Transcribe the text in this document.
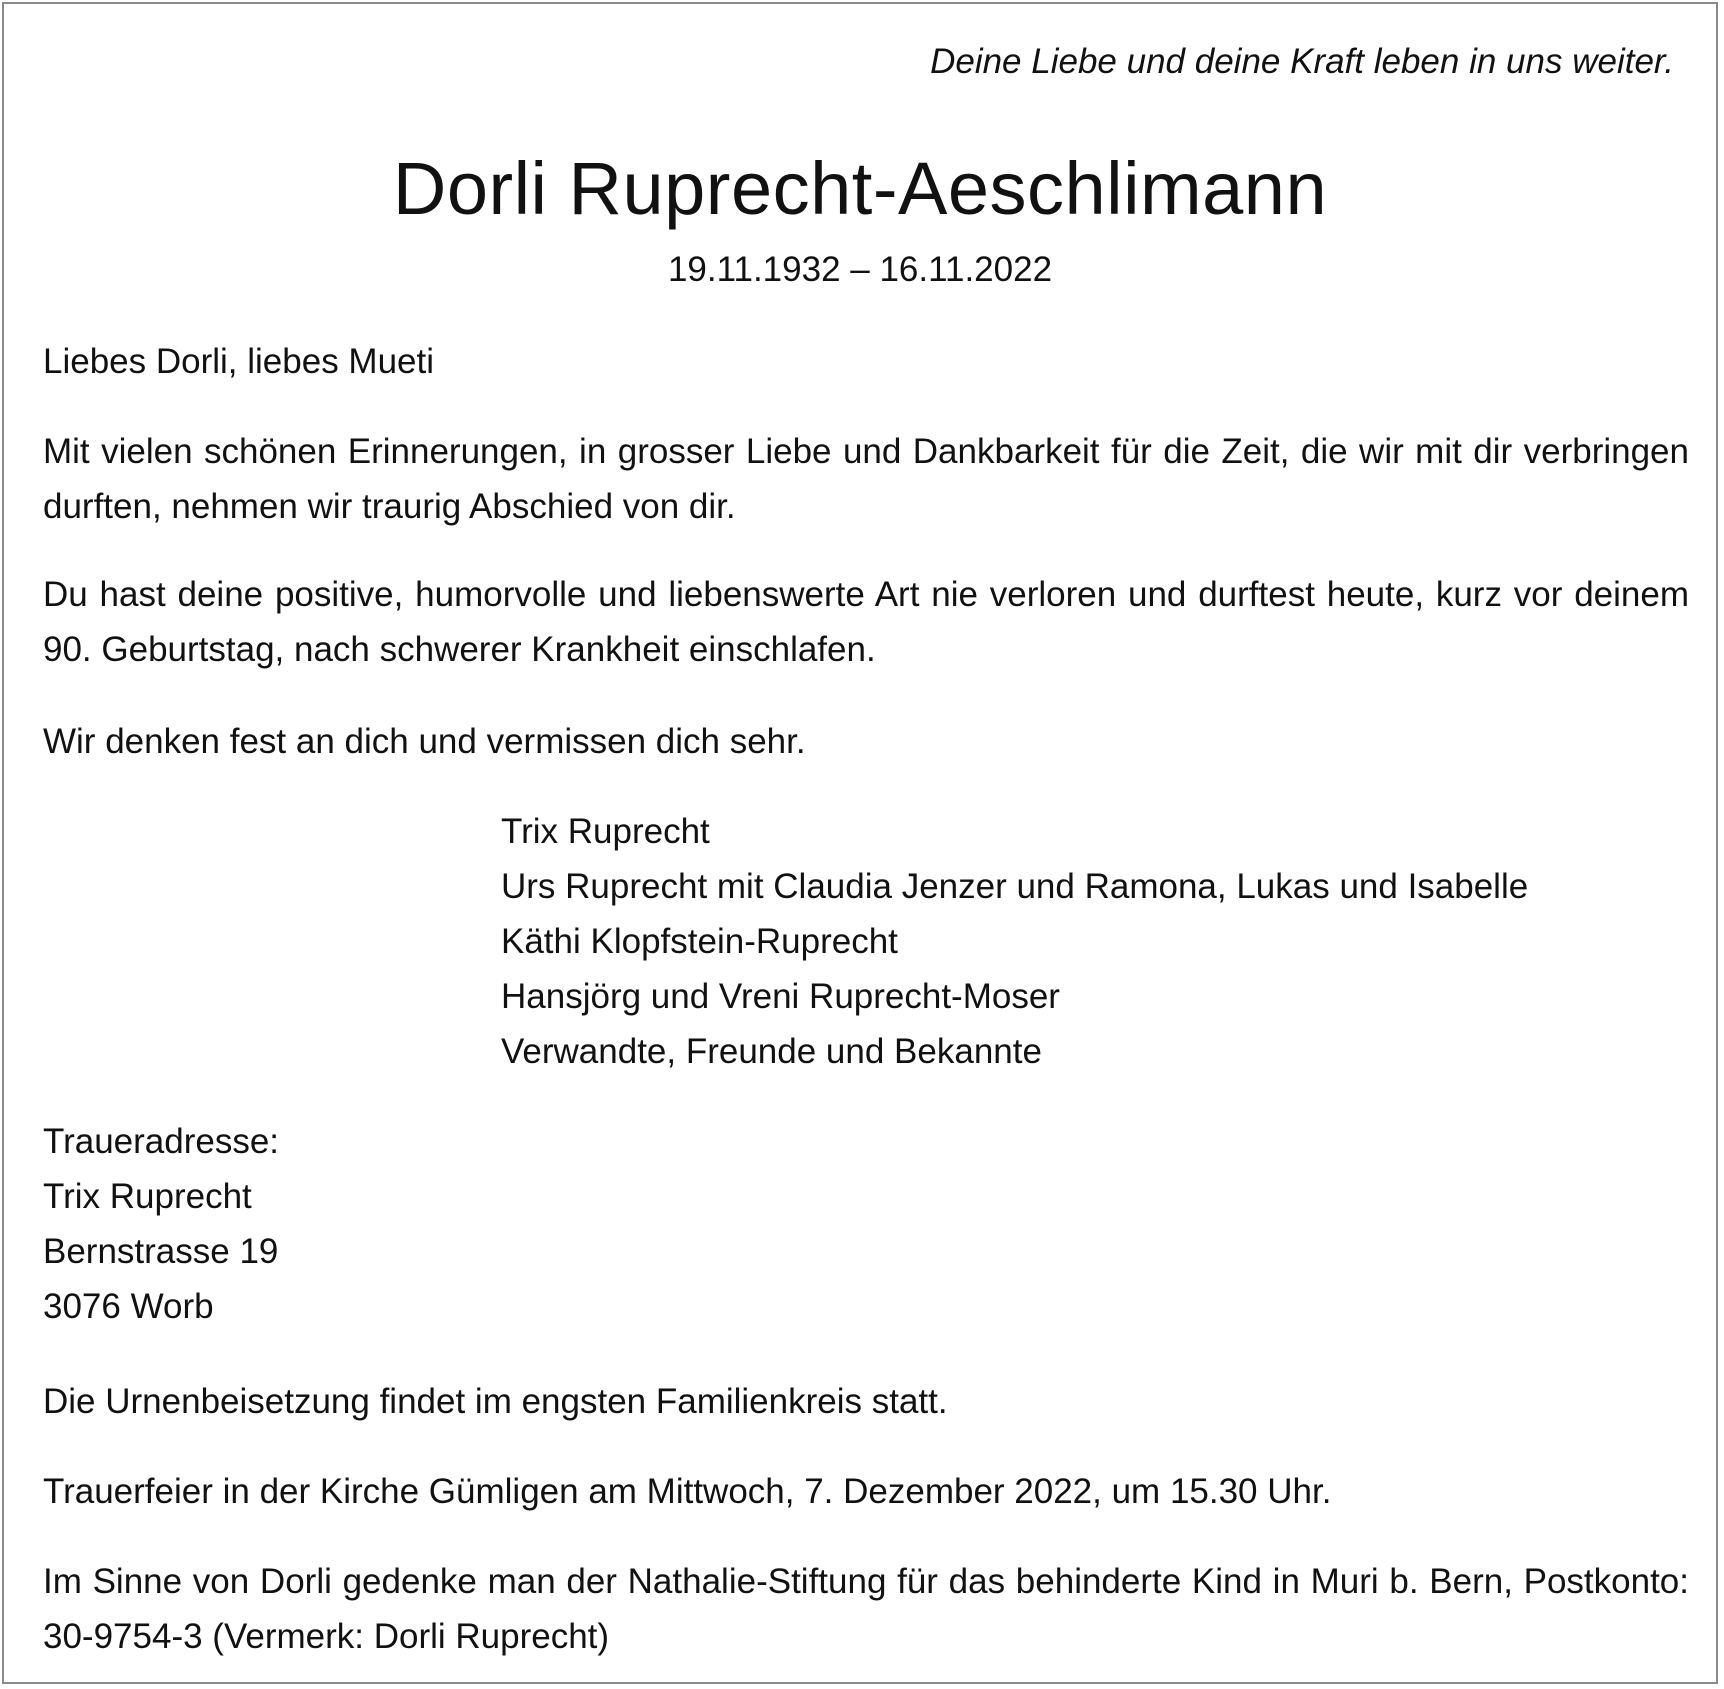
Deine Liebe und deine Kraft leben in uns weiter.
Dorli Ruprecht-Aeschlimann
19.11.1932 – 16.11.2022

Liebes Dorli, liebes Mueti

Mit vielen schönen Erinnerungen, in grosser Liebe und Dankbarkeit für die Zeit, die wir mit dir verbringen durften, nehmen wir traurig Abschied von dir.

Du hast deine positive, humorvolle und liebenswerte Art nie verloren und durftest heute, kurz vor deinem 90. Geburtstag, nach schwerer Krankheit einschlafen.

Wir denken fest an dich und vermissen dich sehr.

Trix Ruprecht
Urs Ruprecht mit Claudia Jenzer und Ramona, Lukas und Isabelle
Käthi Klopfstein-Ruprecht
Hansjörg und Vreni Ruprecht-Moser
Verwandte, Freunde und Bekannte
Traueradresse:
Trix Ruprecht
Bernstrasse 19
3076 Worb

Die Urnenbeisetzung findet im engsten Familienkreis statt.

Trauerfeier in der Kirche Gümligen am Mittwoch, 7. Dezember 2022, um 15.30 Uhr.

Im Sinne von Dorli gedenke man der Nathalie-Stiftung für das behinderte Kind in Muri b. Bern, Postkonto: 30-9754-3 (Vermerk: Dorli Ruprecht)
